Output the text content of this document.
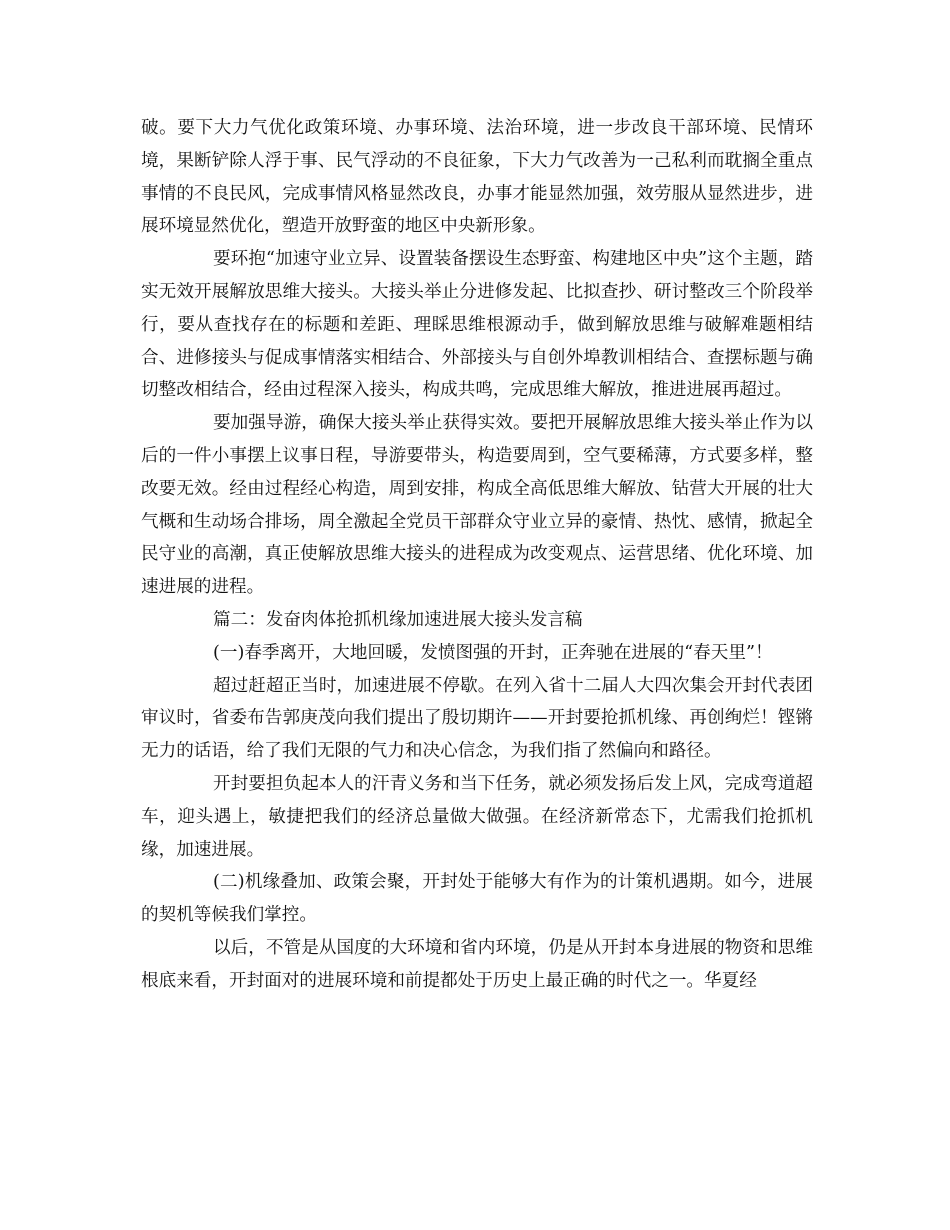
破。要下大力气优化政策环境、办事环境、法治环境，进一步改良干部环境、民情环境，果断铲除人浮于事、民气浮动的不良征象，下大力气改善为一己私利而耽搁全重点事情的不良民风，完成事情风格显然改良，办事才能显然加强，效劳服从显然进步，进展环境显然优化，塑造开放野蛮的地区中央新形象。

要环抱“加速守业立异、设置装备摆设生态野蛮、构建地区中央”这个主题，踏实无效开展解放思维大接头。大接头举止分进修发起、比拟查抄、研讨整改三个阶段举行，要从查找存在的标题和差距、理睬思维根源动手，做到解放思维与破解难题相结合、进修接头与促成事情落实相结合、外部接头与自创外埠教训相结合、查摆标题与确切整改相结合，经由过程深入接头，构成共鸣，完成思维大解放，推进进展再超过。

要加强导游，确保大接头举止获得实效。要把开展解放思维大接头举止作为以后的一件小事摆上议事日程，导游要带头，构造要周到，空气要稀薄，方式要多样，整改要无效。经由过程经心构造，周到安排，构成全高低思维大解放、钻营大开展的壮大气概和生动场合排场，周全激起全党员干部群众守业立异的豪情、热忱、感情，掀起全民守业的高潮，真正使解放思维大接头的进程成为改变观点、运营思绪、优化环境、加速进展的进程。

篇二：发奋肉体抢抓机缘加速进展大接头发言稿

(一)春季离开，大地回暖，发愤图强的开封，正奔驰在进展的“春天里”！

超过赶超正当时，加速进展不停歇。在列入省十二届人大四次集会开封代表团审议时，省委布告郭庚茂向我们提出了殷切期许——开封要抢抓机缘、再创绚烂！铿锵无力的话语，给了我们无限的气力和决心信念，为我们指了然偏向和路径。

开封要担负起本人的汗青义务和当下任务，就必须发扬后发上风，完成弯道超车，迎头遇上，敏捷把我们的经济总量做大做强。在经济新常态下，尤需我们抢抓机缘，加速进展。

(二)机缘叠加、政策会聚，开封处于能够大有作为的计策机遇期。如今，进展的契机等候我们掌控。

以后，不管是从国度的大环境和省内环境，仍是从开封本身进展的物资和思维根底来看，开封面对的进展环境和前提都处于历史上最正确的时代之一。华夏经
